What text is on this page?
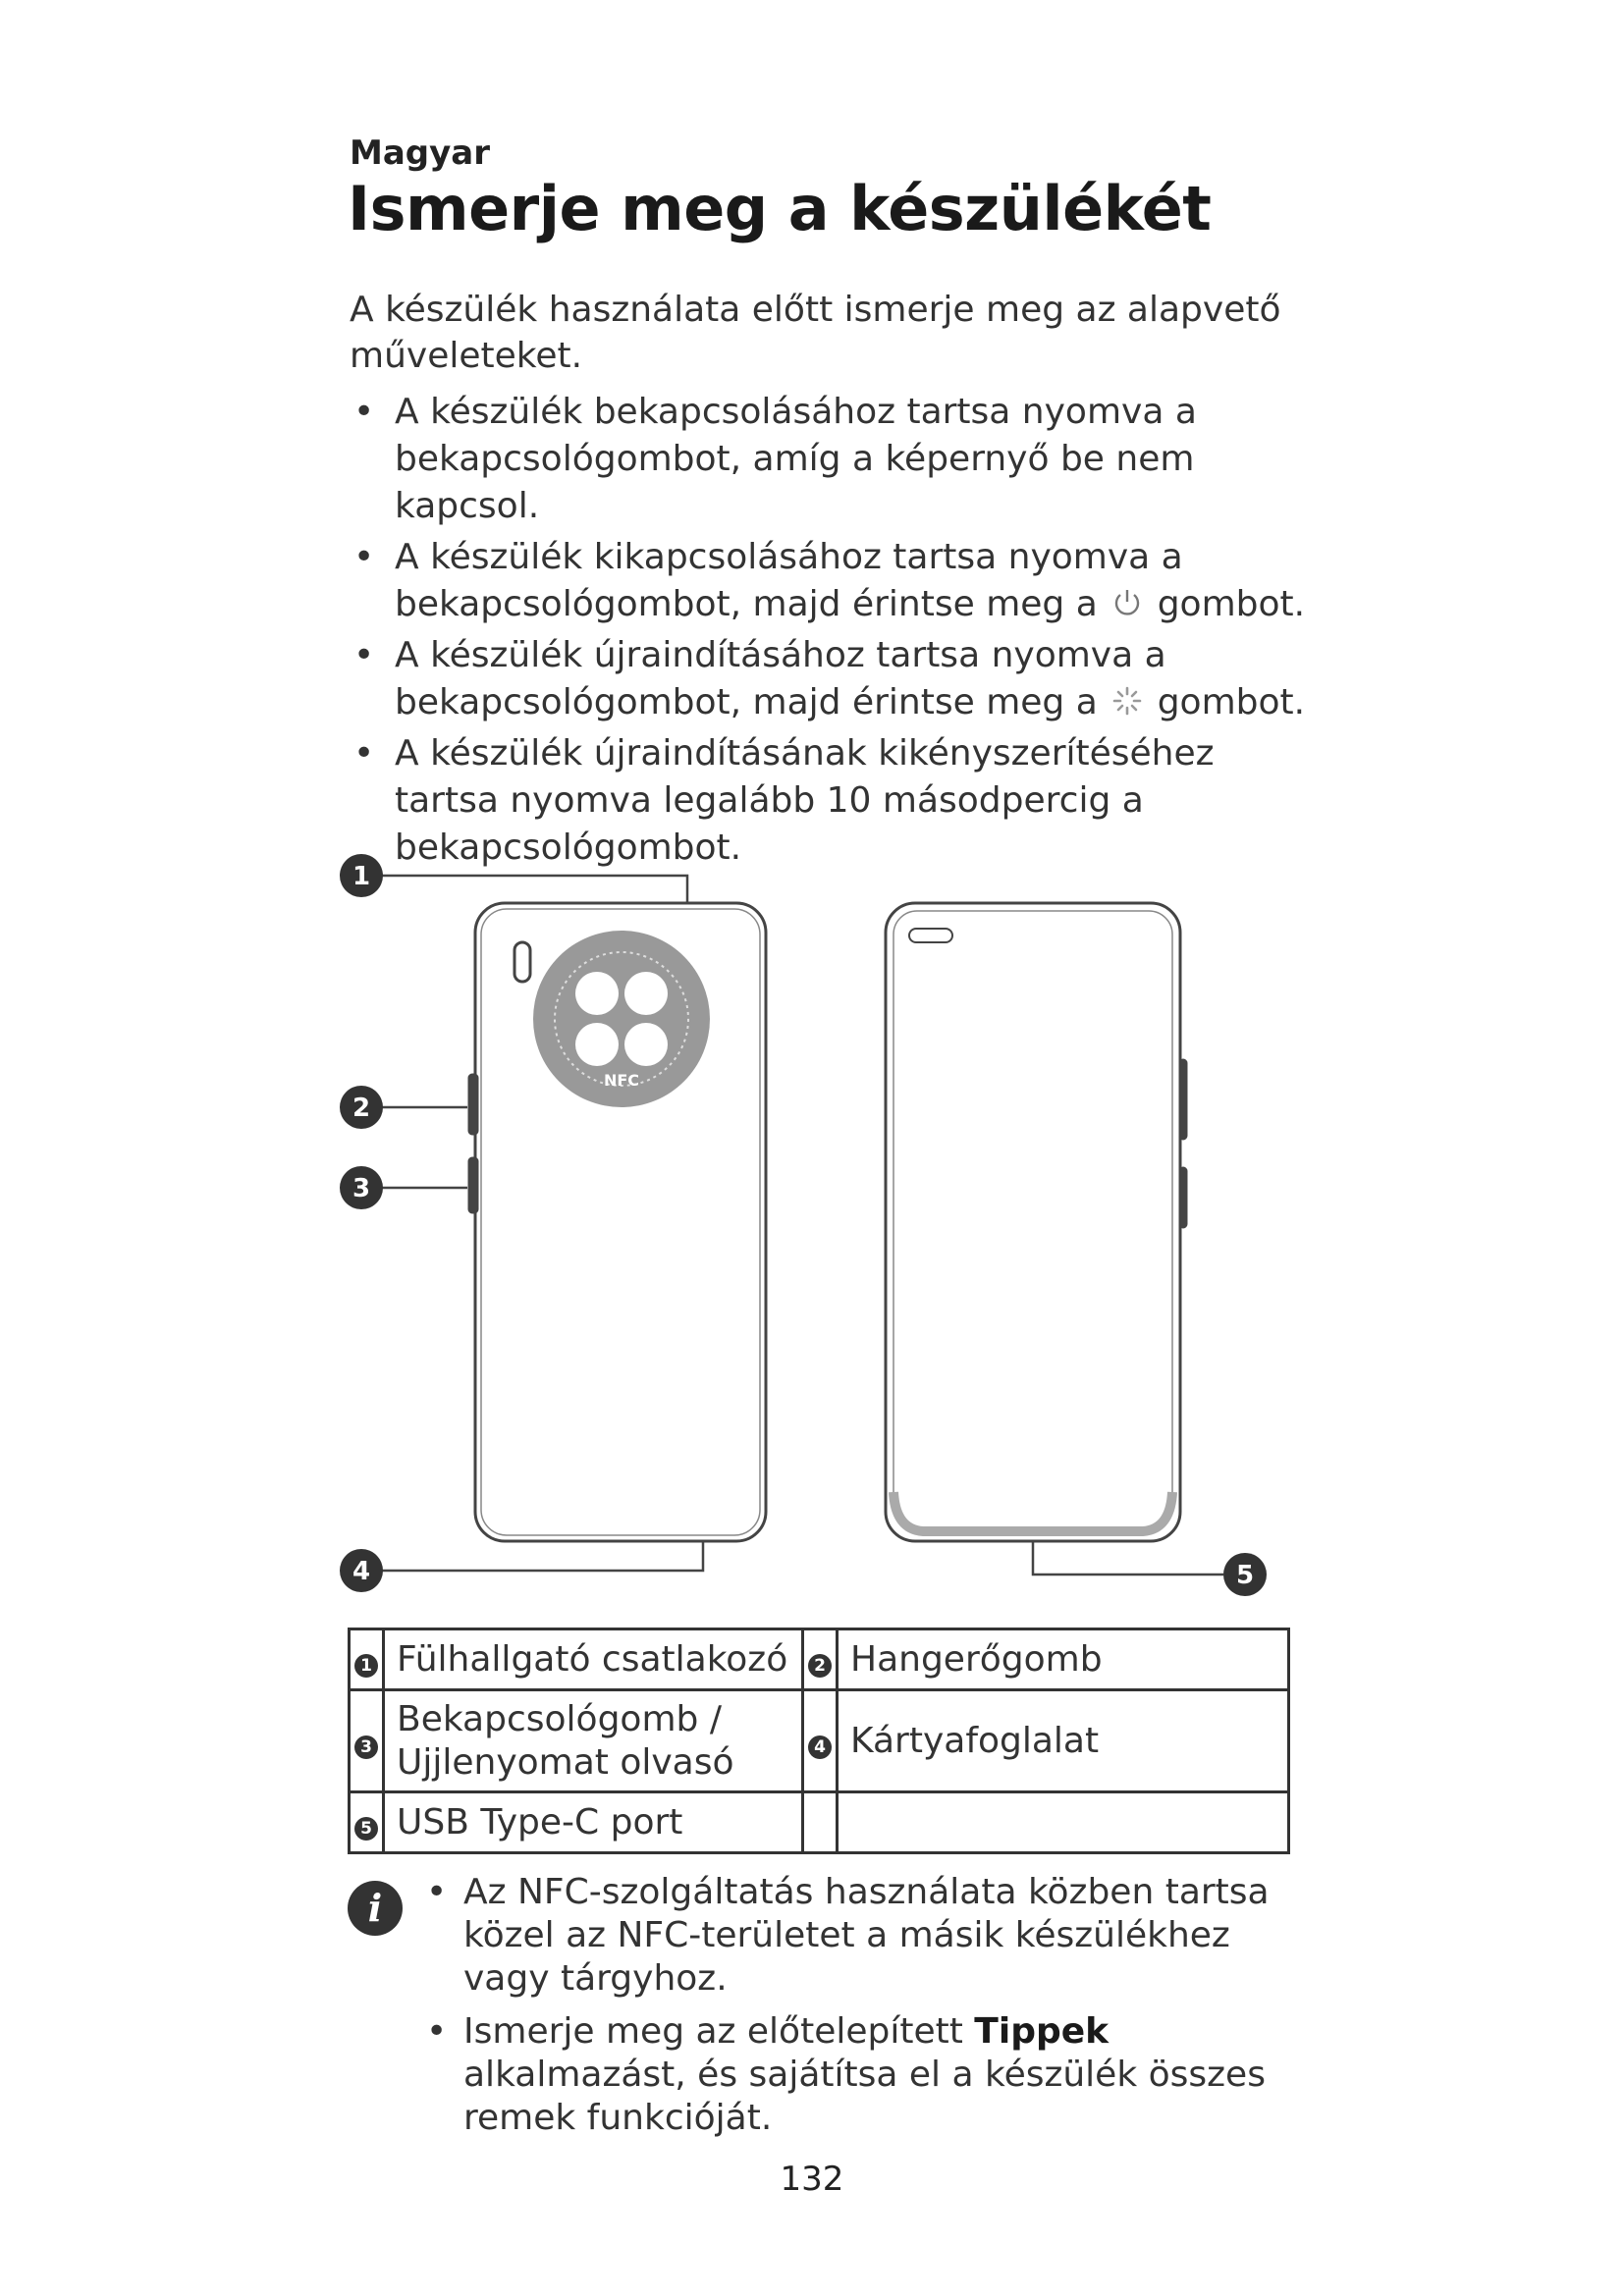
Magyar
Ismerje meg a készülékét
A készülék használata előtt ismerje meg az alapvető műveleteket.
• A készülék bekapcsolásához tartsa nyomva a bekapcsológombot, amíg a képernyő be nem kapcsol.
• A készülék kikapcsolásához tartsa nyomva a bekapcsológombot, majd érintse meg a gombot.
• A készülék újraindításához tartsa nyomva a bekapcsológombot, majd érintse meg a gombot.
• A készülék újraindításának kikényszerítéséhez tartsa nyomva legalább 10 másodpercig a bekapcsológombot.
NFC
1
2
3
4	5
1	Fülhallgató csatlakozó	2	Hangerőgomb
3	Bekapcsológomb / Ujjlenyomat olvasó	4	Kártyafoglalat
5	USB Type-C port		
i	• Az NFC-szolgáltatás használata közben tartsa közel az NFC-területet a másik készülékhez vagy tárgyhoz.
• Ismerje meg az előtelepített Tippek alkalmazást, és sajátítsa el a készülék összes remek funkcióját.
132
